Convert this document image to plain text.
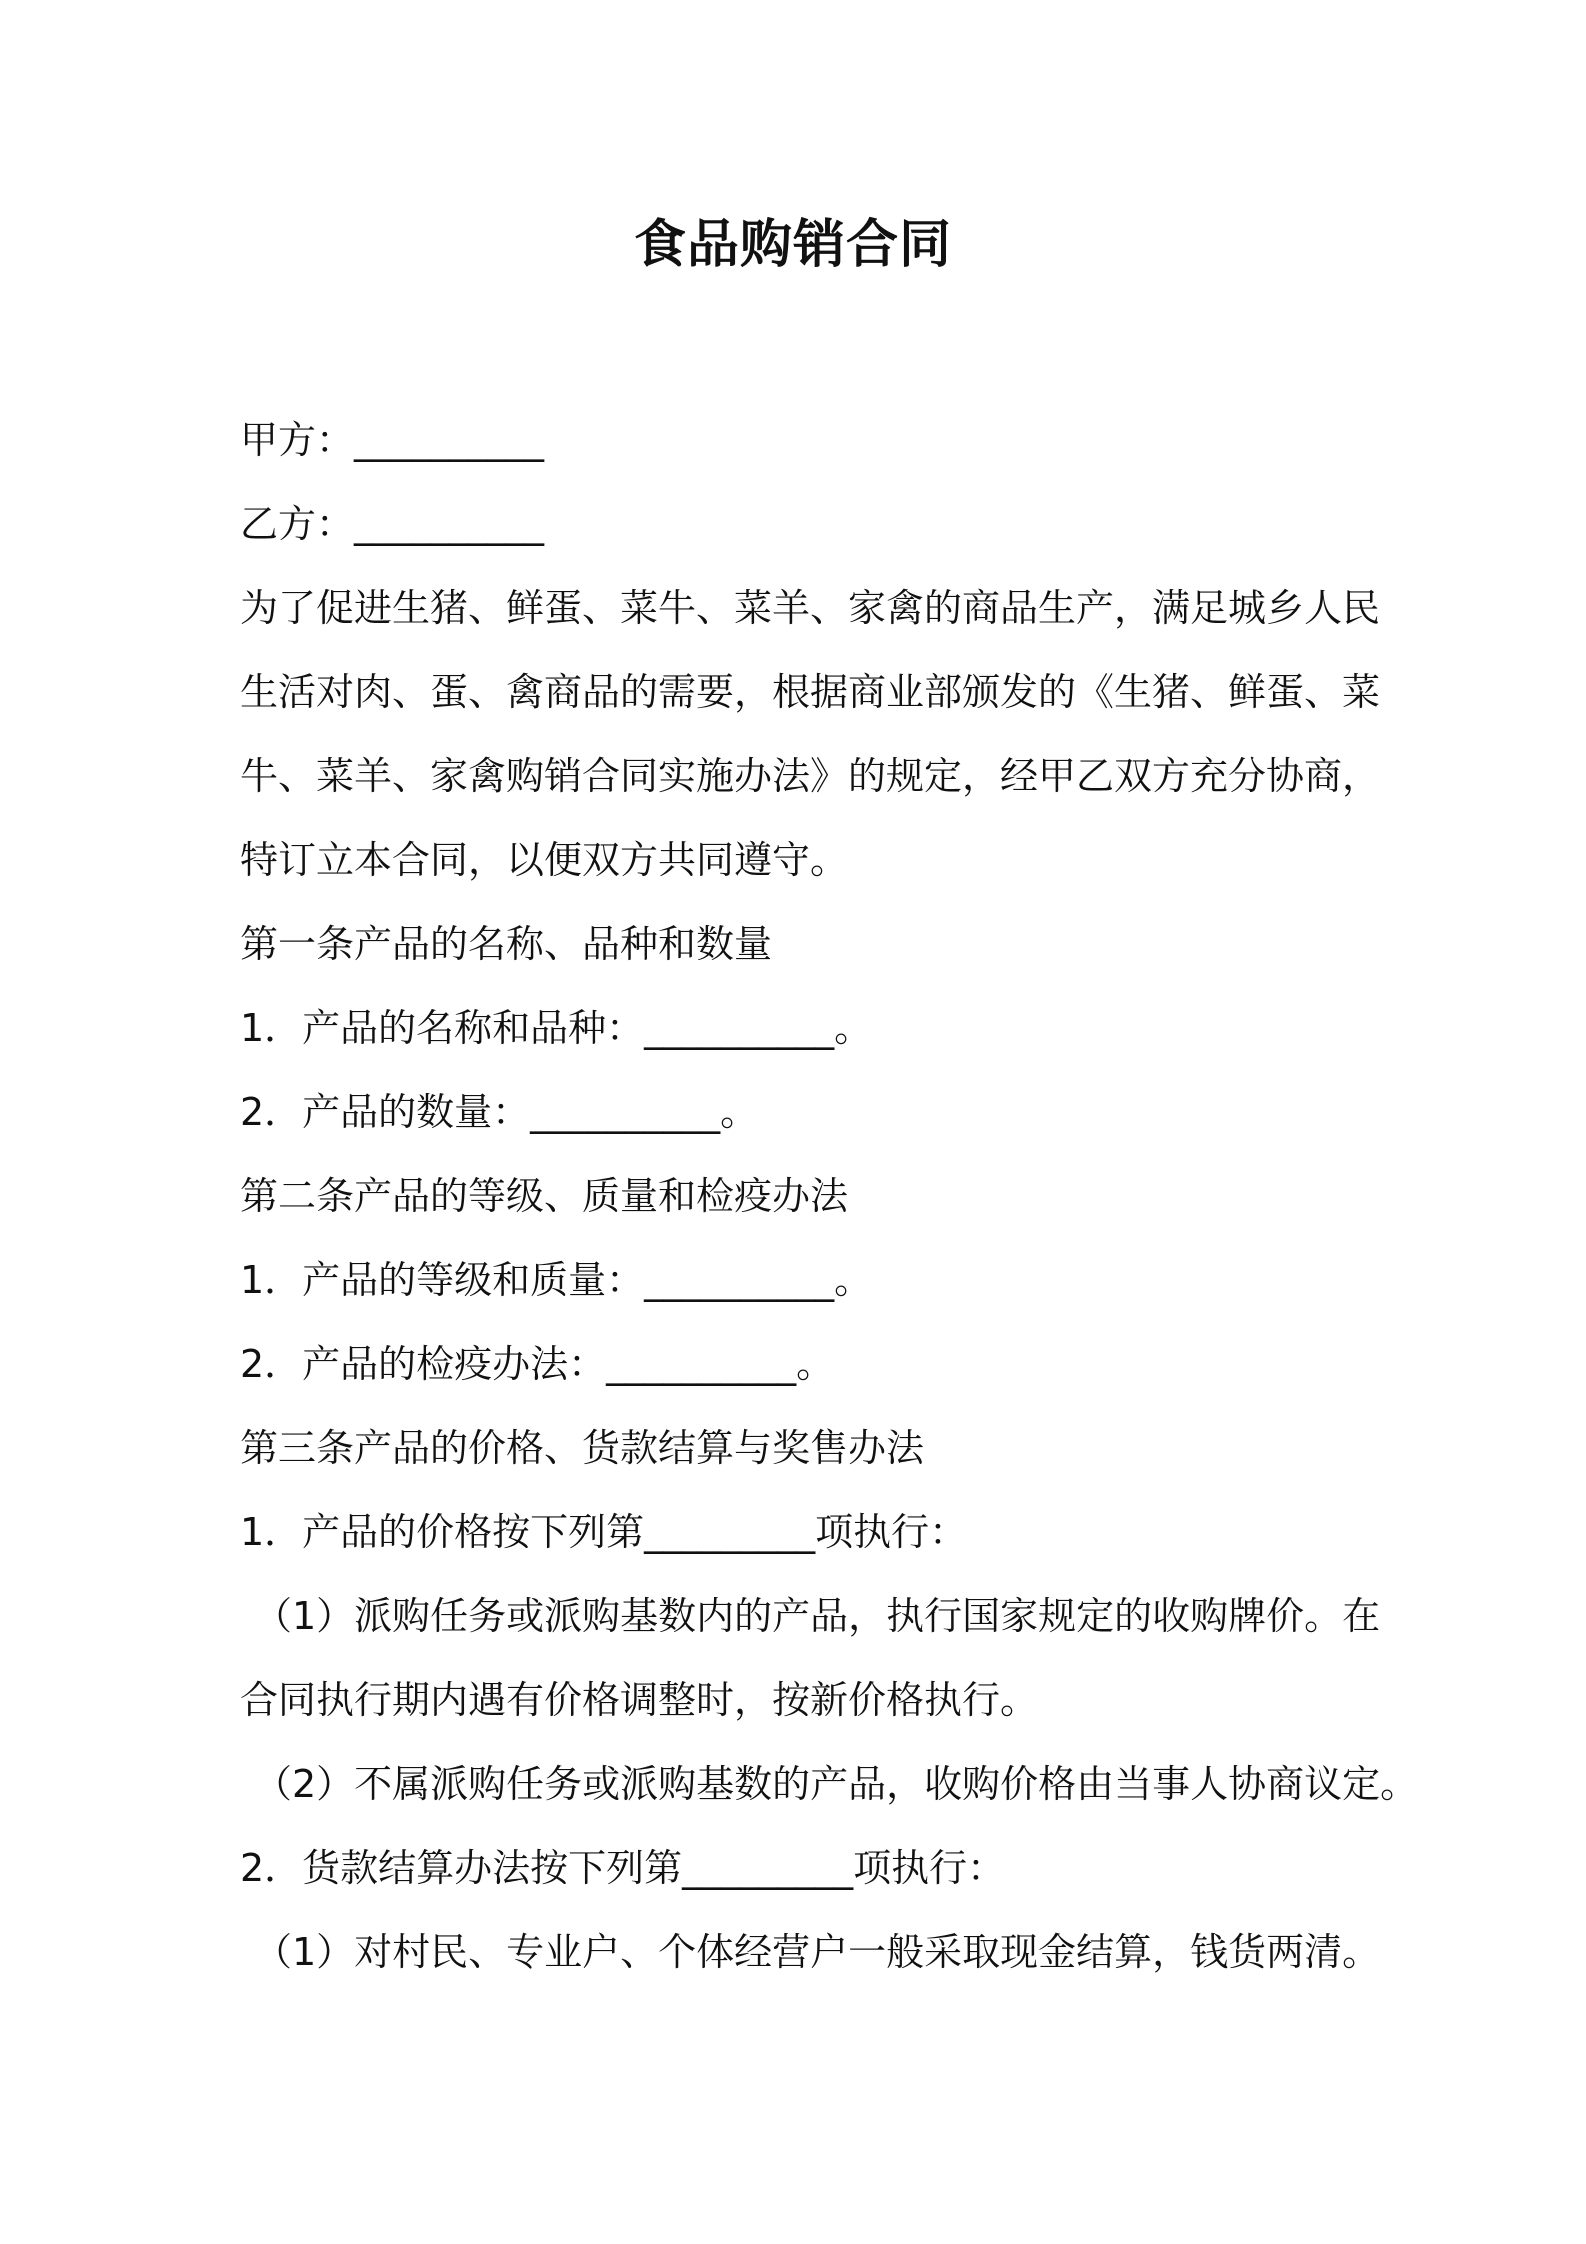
食品购销合同
甲方：__________
乙方：__________
为了促进生猪、鲜蛋、菜牛、菜羊、家禽的商品生产，满足城乡人民
生活对肉、蛋、禽商品的需要，根据商业部颁发的《生猪、鲜蛋、菜
牛、菜羊、家禽购销合同实施办法》的规定，经甲乙双方充分协商，
特订立本合同，以便双方共同遵守。
第一条产品的名称、品种和数量
1．产品的名称和品种：__________。
2．产品的数量：__________。
第二条产品的等级、质量和检疫办法
1．产品的等级和质量：__________。
2．产品的检疫办法：__________。
第三条产品的价格、货款结算与奖售办法
1．产品的价格按下列第_________项执行：
（1）派购任务或派购基数内的产品，执行国家规定的收购牌价。在
合同执行期内遇有价格调整时，按新价格执行。
（2）不属派购任务或派购基数的产品，收购价格由当事人协商议定。
2．货款结算办法按下列第_________项执行：
（1）对村民、专业户、个体经营户一般采取现金结算，钱货两清。
